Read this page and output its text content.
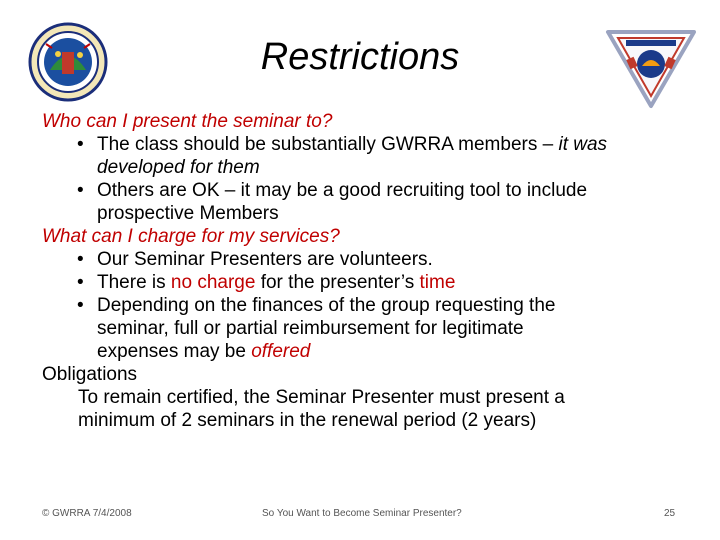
Restrictions
Who can I present the seminar to?
• The class should be substantially GWRRA members – it was
developed for them
• Others are OK – it may be a good recruiting tool to include
prospective Members
What can I charge for my services?
• Our Seminar Presenters are volunteers.
• There is no charge for the presenter’s time
• Depending on the finances of the group requesting the
seminar, full or partial reimbursement for legitimate
expenses may be offered
Obligations
To remain certified, the Seminar Presenter must present a
minimum of 2 seminars in the renewal period (2 years)
© GWRRA 7/4/2008	So You Want to Become Seminar Presenter?	25
